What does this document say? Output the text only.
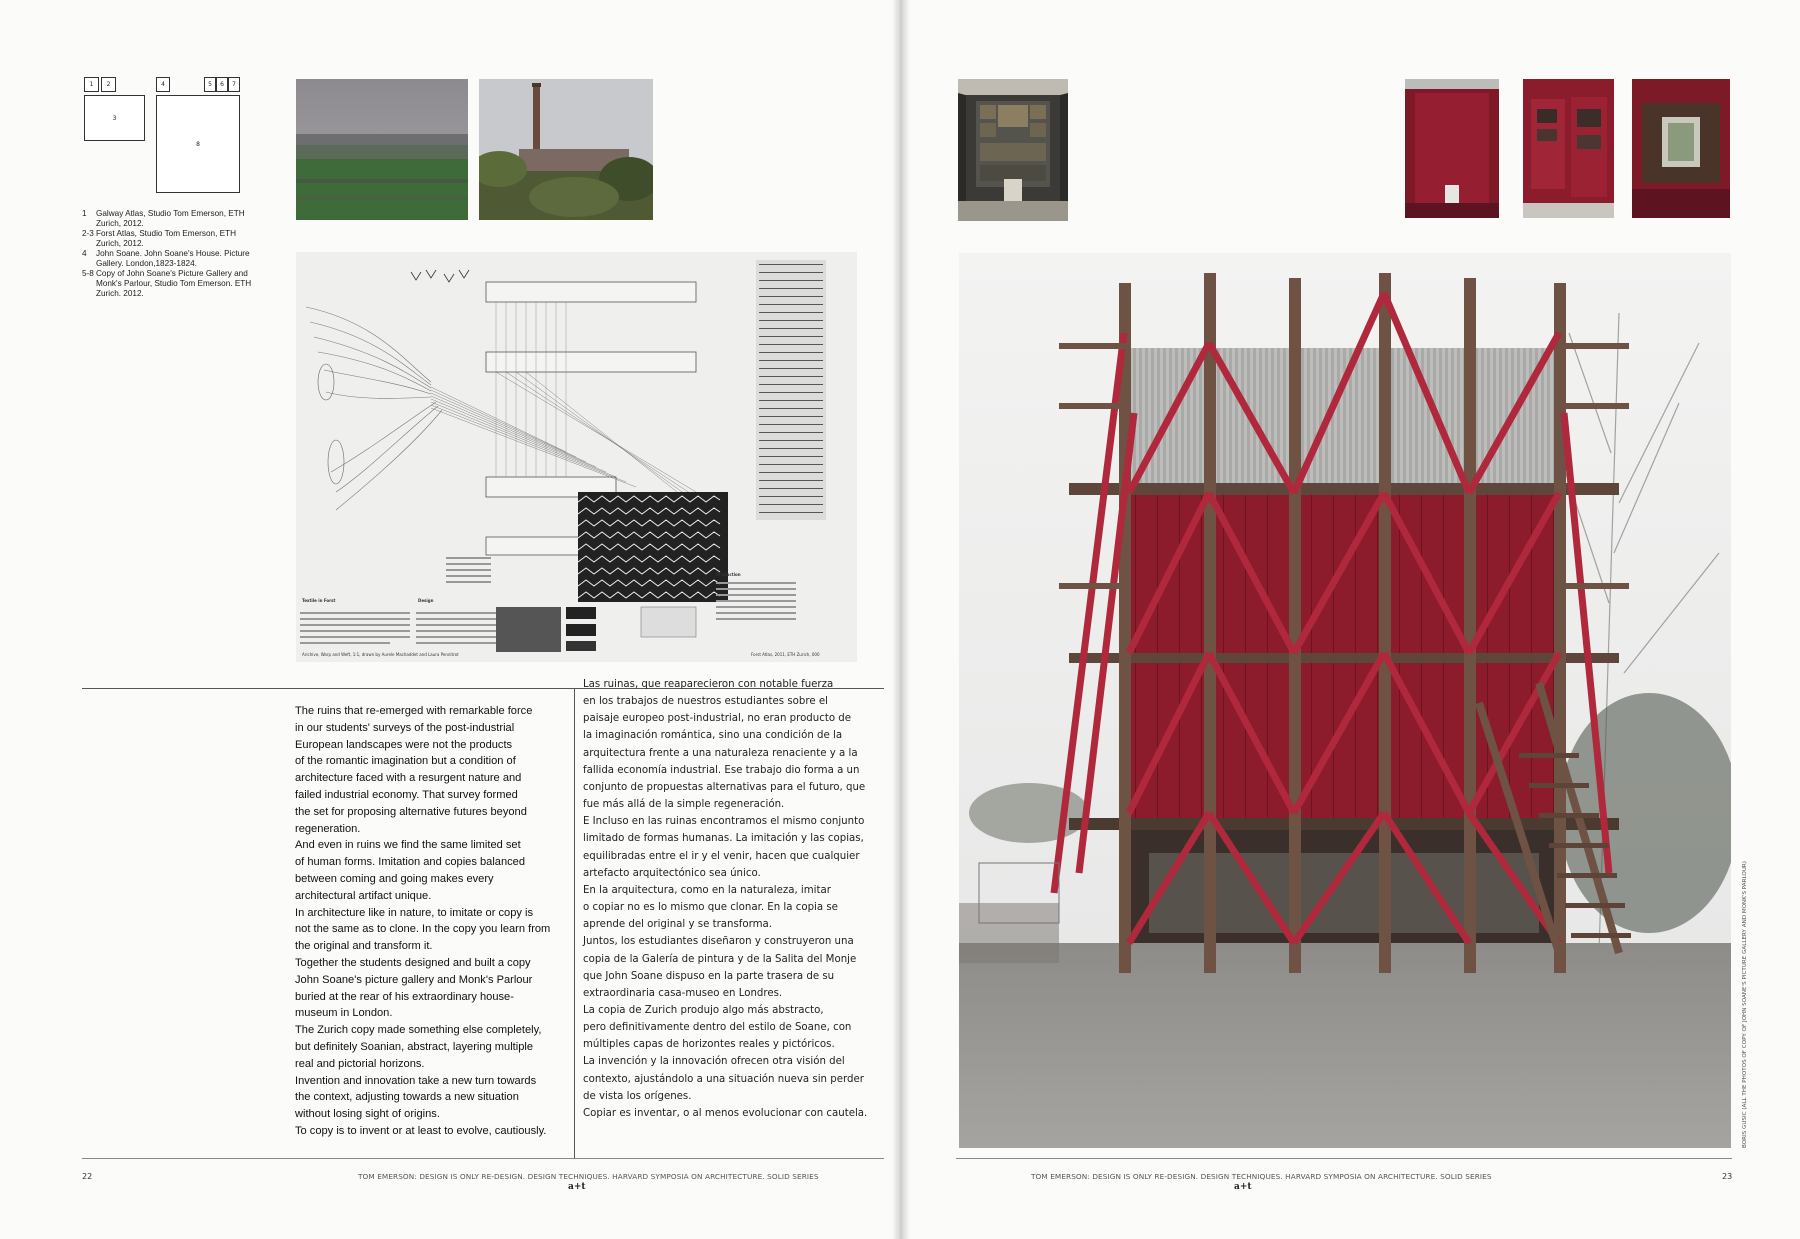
1	2
3
4	5	6	7
8
1	Galway Atlas, Studio Tom Emerson, ETH Zurich, 2012.
2-3 Forst Atlas, Studio Tom Emerson, ETH Zurich, 2012.
4	John Soane. John Soane's House. Picture Gallery. London,1823-1824.
5-8 Copy of John Soane's Picture Gallery and Monk's Parlour, Studio Tom Emerson. ETH Zurich. 2012.
Textile in Forst	Design
Production
Arichive, Warp and Weft, 1:1, drawn by Aurele Machaddet and Laura Pennitrot	Forst Atlas, 2011, ETH Zurich, 000

The ruins that re-emerged with remarkable force
in our students' surveys of the post-industrial
European landscapes were not the products
of the romantic imagination but a condition of
architecture faced with a resurgent nature and
failed industrial economy. That survey formed
the set for proposing alternative futures beyond
regeneration.

And even in ruins we find the same limited set
of human forms. Imitation and copies balanced
between coming and going makes every
architectural artifact unique.

In architecture like in nature, to imitate or copy is
not the same as to clone. In the copy you learn from
the original and transform it.

Together the students designed and built a copy
John Soane's picture gallery and Monk's Parlour
buried at the rear of his extraordinary house-
museum in London.

The Zurich copy made something else completely,
but definitely Soanian, abstract, layering multiple
real and pictorial horizons.

Invention and innovation take a new turn towards
the context, adjusting towards a new situation
without losing sight of origins.

To copy is to invent or at least to evolve, cautiously.

Las ruinas, que reaparecieron con notable fuerza
en los trabajos de nuestros estudiantes sobre el
paisaje europeo post-industrial, no eran producto de
la imaginación romántica, sino una condición de la
arquitectura frente a una naturaleza renaciente y a la
fallida economía industrial. Ese trabajo dio forma a un
conjunto de propuestas alternativas para el futuro, que
fue más allá de la simple regeneración.

E Incluso en las ruinas encontramos el mismo conjunto
limitado de formas humanas. La imitación y las copias,
equilibradas entre el ir y el venir, hacen que cualquier
artefacto arquitectónico sea único.

En la arquitectura, como en la naturaleza, imitar
o copiar no es lo mismo que clonar. En la copia se
aprende del original y se transforma.

Juntos, los estudiantes diseñaron y construyeron una
copia de la Galería de pintura y de la Salita del Monje
que John Soane dispuso en la parte trasera de su
extraordinaria casa-museo en Londres.

La copia de Zurich produjo algo más abstracto,
pero definitivamente dentro del estilo de Soane, con
múltiples capas de horizontes reales y pictóricos.

La invención y la innovación ofrecen otra visión del
contexto, ajustándolo a una situación nueva sin perder
de vista los orígenes.

Copiar es inventar, o al menos evolucionar con cautela.

22	TOM EMERSON: DESIGN IS ONLY RE-DESIGN. DESIGN TECHNIQUES. HARVARD SYMPOSIA ON ARCHITECTURE. SOLID SERIES
a+t
BORIS GUSIC (ALL THE PHOTOS OF COPY OF JOHN SOANE'S PICTURE GALLERY AND MONK'S PARLOUR)
TOM EMERSON: DESIGN IS ONLY RE-DESIGN. DESIGN TECHNIQUES. HARVARD SYMPOSIA ON ARCHITECTURE. SOLID SERIES
a+t
23
